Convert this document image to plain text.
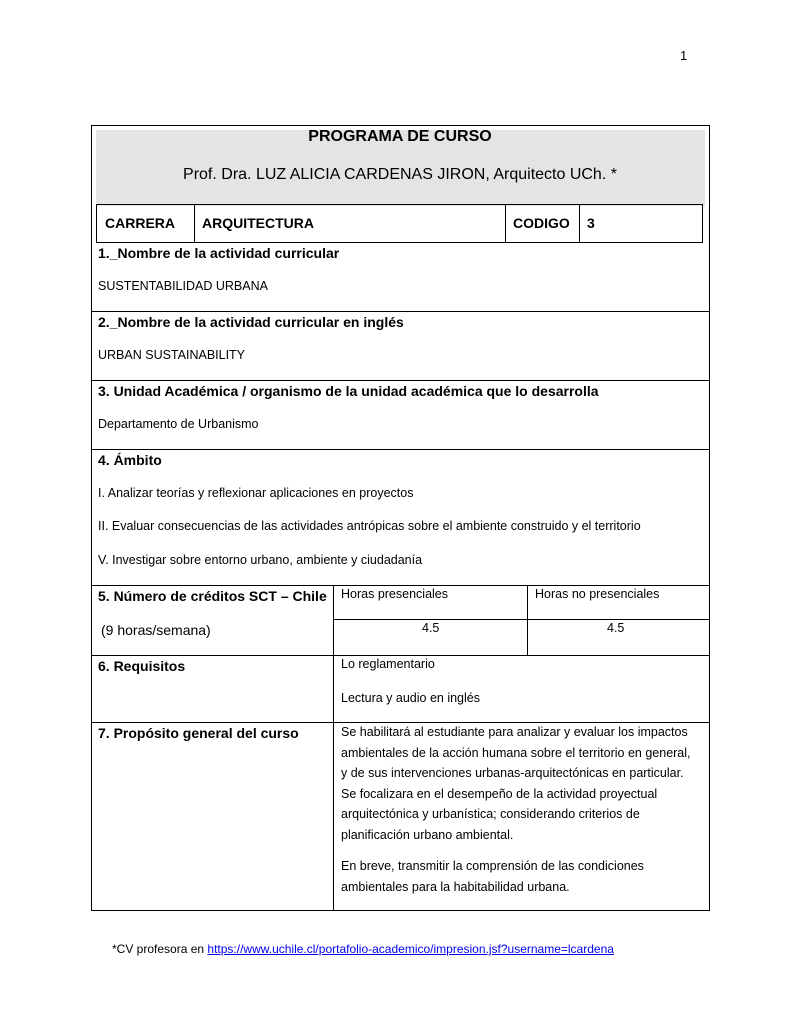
1
PROGRAMA DE CURSO
Prof. Dra. LUZ ALICIA CARDENAS JIRON, Arquitecto UCh. *
CARRERA ARQUITECTURA	CODIGO 3
1._Nombre de la actividad curricular
SUSTENTABILIDAD URBANA
2._Nombre de la actividad curricular en inglés
URBAN SUSTAINABILITY
3. Unidad Académica / organismo de la unidad académica que lo desarrolla
Departamento de Urbanismo
4. Ámbito
I. Analizar teorías y reflexionar aplicaciones en proyectos
II. Evaluar consecuencias de las actividades antrópicas sobre el ambiente construido y el territorio
V. Investigar sobre entorno urbano, ambiente y ciudadanía
5. Número de créditos SCT – Chile
(9 horas/semana)
Horas presenciales	Horas no presenciales
4.5	4.5
6. Requisitos	Lo reglamentario
Lectura y audio en inglés
7. Propósito general del curso	Se habilitará al estudiante para analizar y evaluar los impactos ambientales de la acción humana sobre el territorio en general, y de sus intervenciones urbanas-arquitectónicas en particular. Se focalizara en el desempeño de la actividad proyectual arquitectónica y urbanística; considerando criterios de planificación urbano ambiental.
En breve, transmitir la comprensión de las condiciones ambientales para la habitabilidad urbana.
*CV profesora en https://www.uchile.cl/portafolio-academico/impresion.jsf?username=lcardena
